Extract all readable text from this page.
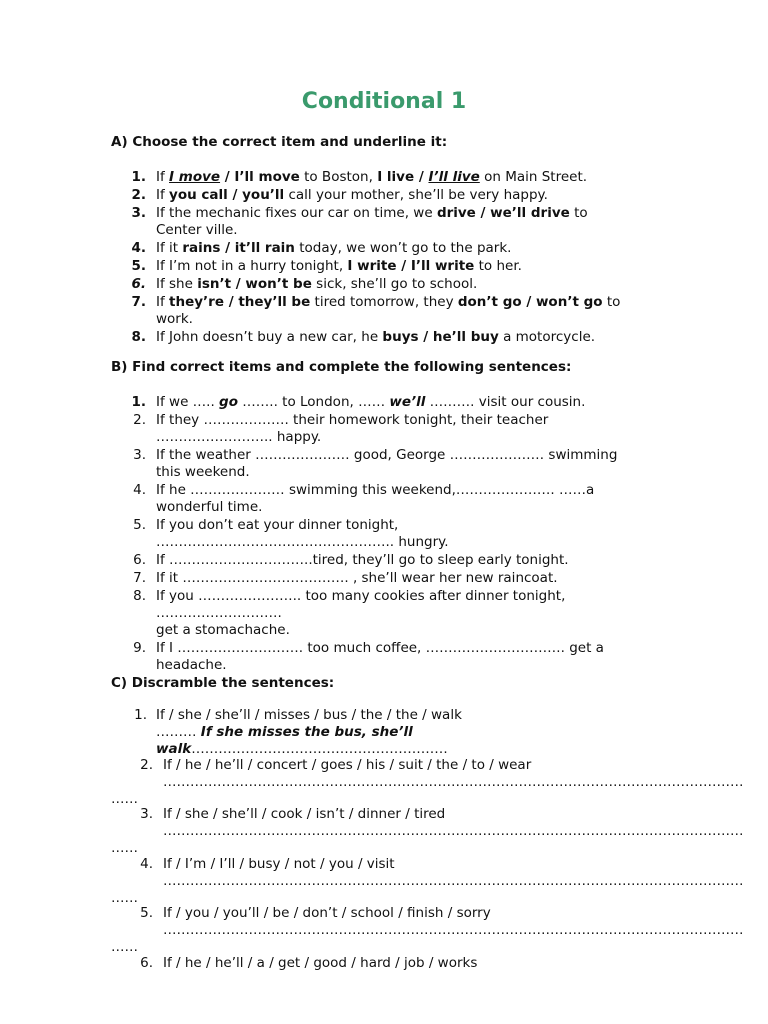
Conditional 1
A) Choose the correct item and underline it:
1. If I move / I’ll move to Boston, I live / I’ll live on Main Street.
2. If you call / you’ll call your mother, she’ll be very happy.
3. If the mechanic fixes our car on time, we drive / we’ll drive to
Center ville.
4. If it rains / it’ll rain today, we won’t go to the park.
5. If I’m not in a hurry tonight, I write / I’ll write to her.
6. If she isn’t / won’t be sick, she’ll go to school.
7. If they’re / they’ll be tired tomorrow, they don’t go / won’t go to
work.
8. If John doesn’t buy a new car, he buys / he’ll buy a motorcycle.
B) Find correct items and complete the following sentences:
1. If we ….. go …….. to London, …… we’ll ………. visit our cousin.
2. If they ………………. their homework tonight, their teacher
…………………….. happy.
3. If the weather ………………… good, George ………………… swimming
this weekend.
4. If he ………………… swimming this weekend,…………………. ……a
wonderful time.
5. If you don’t eat your dinner tonight,
…………………………………………….. hungry.
6. If …………………………..tired, they’ll go to sleep early tonight.
7. If it ………………………………. , she’ll wear her new raincoat.
8. If you ………………….. too many cookies after dinner tonight,
……………………….
get a stomachache.
9. If I ………………………. too much coffee, …………………………. get a
headache.
C) Discramble the sentences:
1. If / she / she’ll / misses / bus / the / the / walk
……… If she misses the bus, she’ll
walk…………………………………………………
2. If / he / he’ll / concert / goes / his / suit / the / to / wear
…………………………………………………………………………………………………………………
……
3. If / she / she’ll / cook / isn’t / dinner / tired
…………………………………………………………………………………………………………………
……
4. If / I’m / I’ll / busy / not / you / visit
…………………………………………………………………………………………………………………
……
5. If / you / you’ll / be / don’t / school / finish / sorry
…………………………………………………………………………………………………………………
……
6. If / he / he’ll / a / get / good / hard / job / works
